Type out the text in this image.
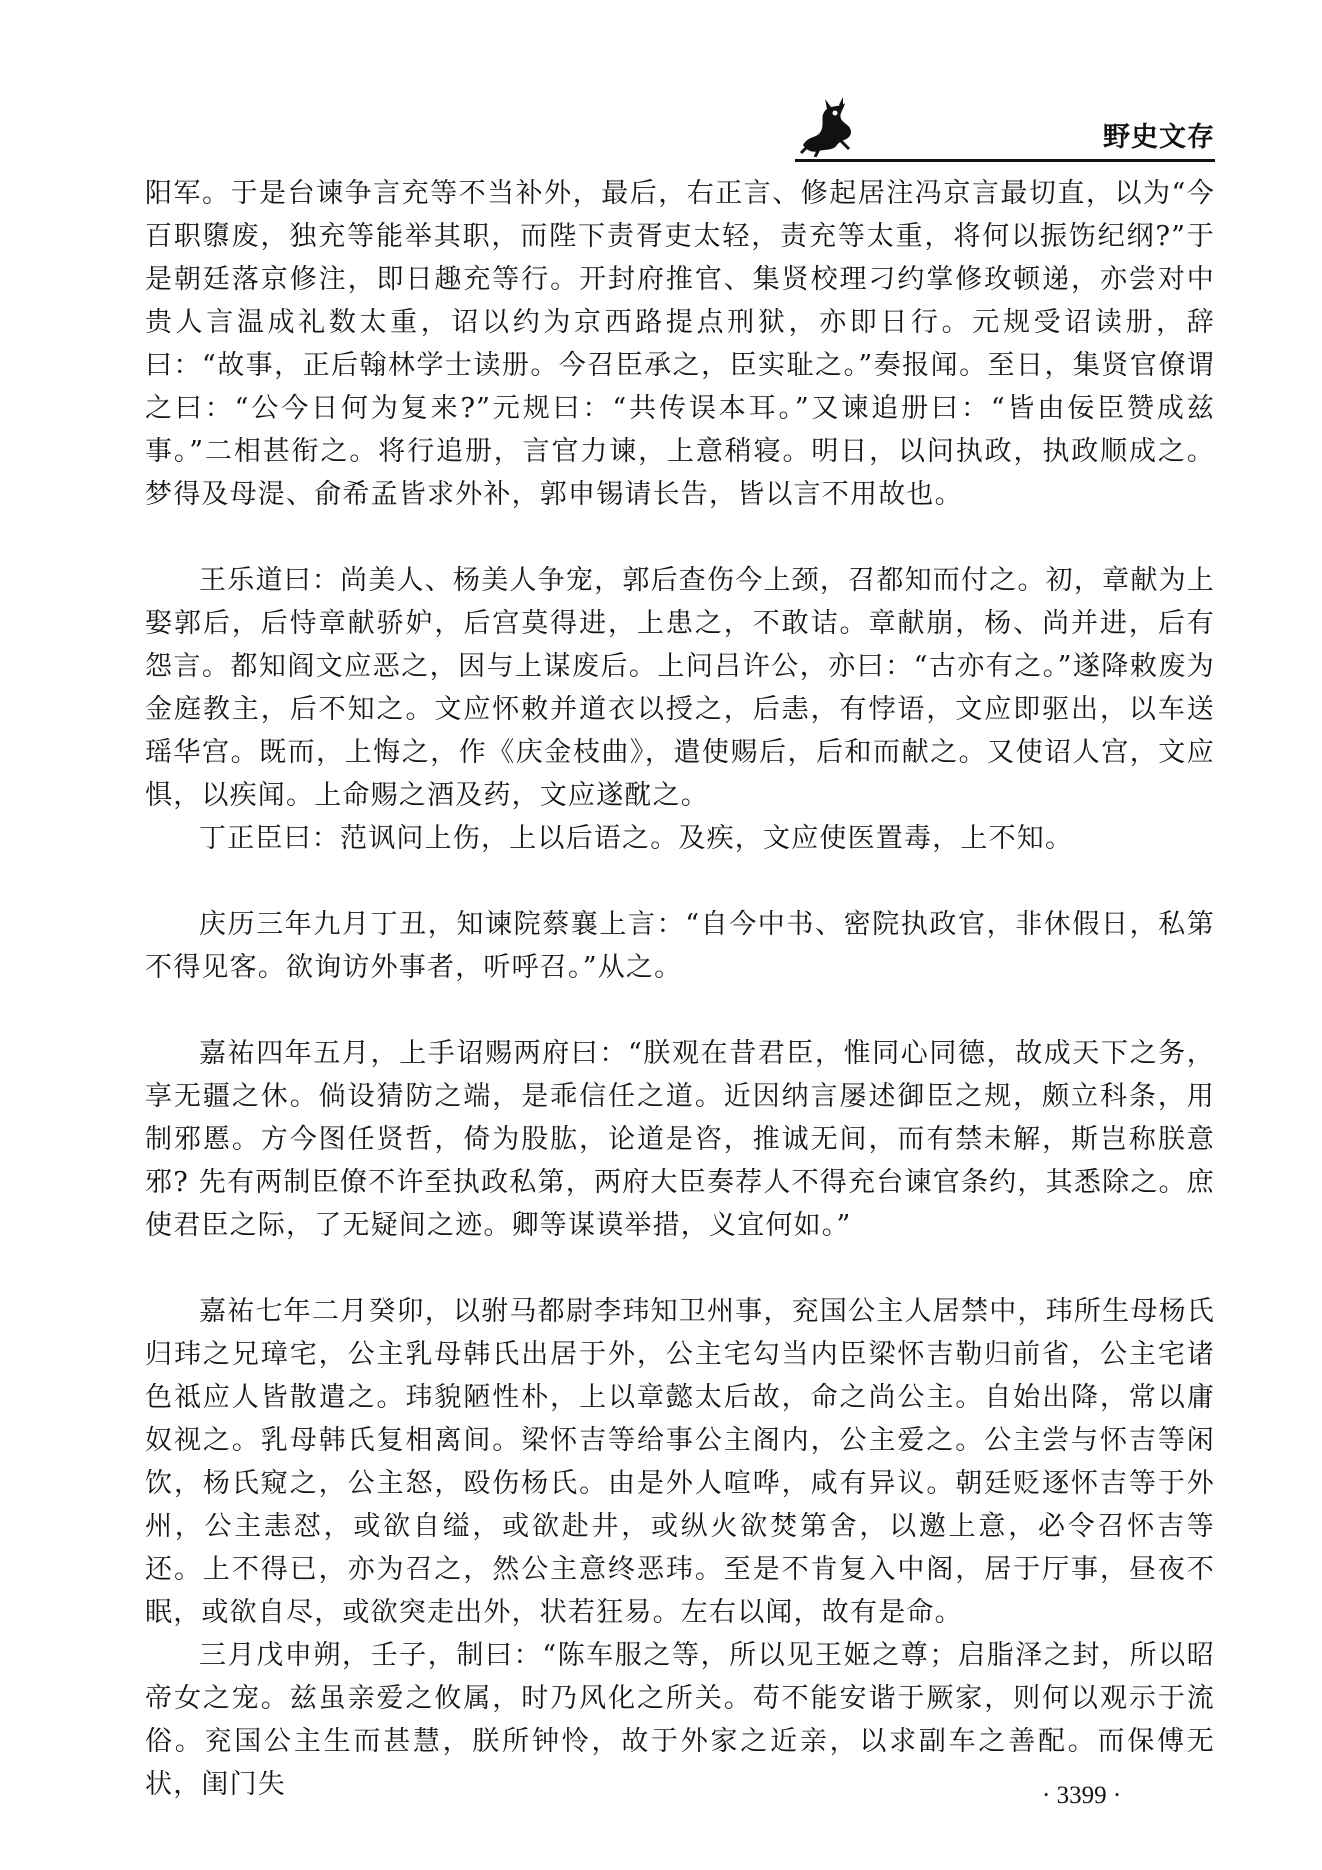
野史文存

阳军。于是台谏争言充等不当补外，最后，右正言、修起居注冯京言最切直，以为“今百职隳废，独充等能举其职，而陛下责胥吏太轻，责充等太重，将何以振饬纪纲?”于是朝廷落京修注，即日趣充等行。开封府推官、集贤校理刁约掌修玫顿递，亦尝对中贵人言温成礼数太重，诏以约为京西路提点刑狱，亦即日行。元规受诏读册，辞曰：“故事，正后翰林学士读册。今召臣承之，臣实耻之。”奏报闻。至日，集贤官僚谓之曰：“公今日何为复来?”元规曰：“共传误本耳。”又谏追册曰：“皆由佞臣赞成兹事。”二相甚衔之。将行追册，言官力谏，上意稍寝。明日，以问执政，执政顺成之。梦得及母湜、俞希孟皆求外补，郭申锡请长告，皆以言不用故也。

王乐道曰：尚美人、杨美人争宠，郭后查伤今上颈，召都知而付之。初，章献为上娶郭后，后恃章献骄妒，后宫莫得进，上患之，不敢诘。章献崩，杨、尚并进，后有怨言。都知阎文应恶之，因与上谋废后。上问吕许公，亦曰：“古亦有之。”遂降敕废为金庭教主，后不知之。文应怀敕并道衣以授之，后恚，有悖语，文应即驱出，以车送瑶华宫。既而，上悔之，作《庆金枝曲》，遣使赐后，后和而献之。又使诏人宫，文应惧，以疾闻。上命赐之酒及药，文应遂酖之。

丁正臣曰：范讽问上伤，上以后语之。及疾，文应使医置毒，上不知。

庆历三年九月丁丑，知谏院蔡襄上言：“自今中书、密院执政官，非休假日，私第不得见客。欲询访外事者，听呼召。”从之。

嘉祐四年五月，上手诏赐两府曰：“朕观在昔君臣，惟同心同德，故成天下之务，享无疆之休。倘设猜防之端，是乖信任之道。近因纳言屡述御臣之规，颇立科条，用制邪慝。方今图任贤哲，倚为股肱，论道是咨，推诚无间，而有禁未解，斯岂称朕意邪? 先有两制臣僚不许至执政私第，两府大臣奏荐人不得充台谏官条约，其悉除之。庶使君臣之际，了无疑间之迹。卿等谋谟举措，义宜何如。”

嘉祐七年二月癸卯，以驸马都尉李玮知卫州事，兖国公主人居禁中，玮所生母杨氏归玮之兄璋宅，公主乳母韩氏出居于外，公主宅勾当内臣梁怀吉勒归前省，公主宅诸色祗应人皆散遣之。玮貌陋性朴，上以章懿太后故，命之尚公主。自始出降，常以庸奴视之。乳母韩氏复相离间。梁怀吉等给事公主阁内，公主爱之。公主尝与怀吉等闲饮，杨氏窥之，公主怒，殴伤杨氏。由是外人喧哗，咸有异议。朝廷贬逐怀吉等于外州，公主恚怼，或欲自缢，或欲赴井，或纵火欲焚第舍，以邀上意，必令召怀吉等还。上不得已，亦为召之，然公主意终恶玮。至是不肯复入中阁，居于厅事，昼夜不眠，或欲自尽，或欲突走出外，状若狂易。左右以闻，故有是命。

三月戊申朔，壬子，制曰：“陈车服之等，所以见王姬之尊；启脂泽之封，所以昭帝女之宠。兹虽亲爱之攸属，时乃风化之所关。苟不能安谐于厥家，则何以观示于流俗。兖国公主生而甚慧，朕所钟怜，故于外家之近亲，以求副车之善配。而保傅无状，闺门失	· 3399 ·
